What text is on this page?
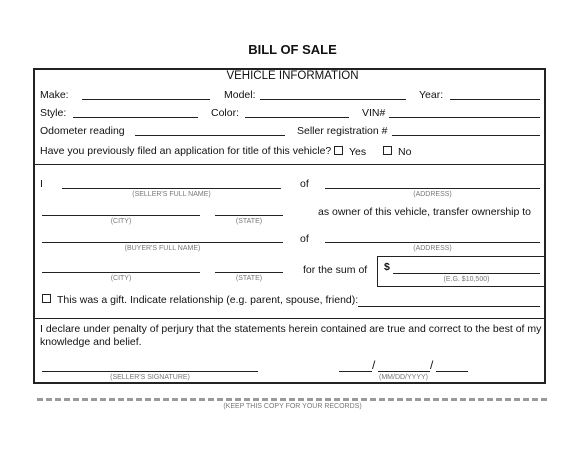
BILL OF SALE
VEHICLE INFORMATION
Make:	Model:	Year:
Style:	Color:	VIN#
Odometer reading	Seller registration #
Have you previously filed an application for title of this vehicle? Yes	No
I
(SELLER'S FULL NAME)
of
(ADDRESS)
(CITY)	(STATE)
as owner of this vehicle, transfer ownership to
(BUYER'S FULL NAME)
of
(ADDRESS)
(CITY)	(STATE)
for the sum of $
(E.G. $10,500)
This was a gift. Indicate relationship (e.g. parent, spouse, friend):
I declare under penalty of perjury that the statements herein contained are true and correct to the best of my
knowledge and belief.
(SELLER'S SIGNATURE)
/	/
(MM/DD/YYYY)
(KEEP THIS COPY FOR YOUR RECORDS)
